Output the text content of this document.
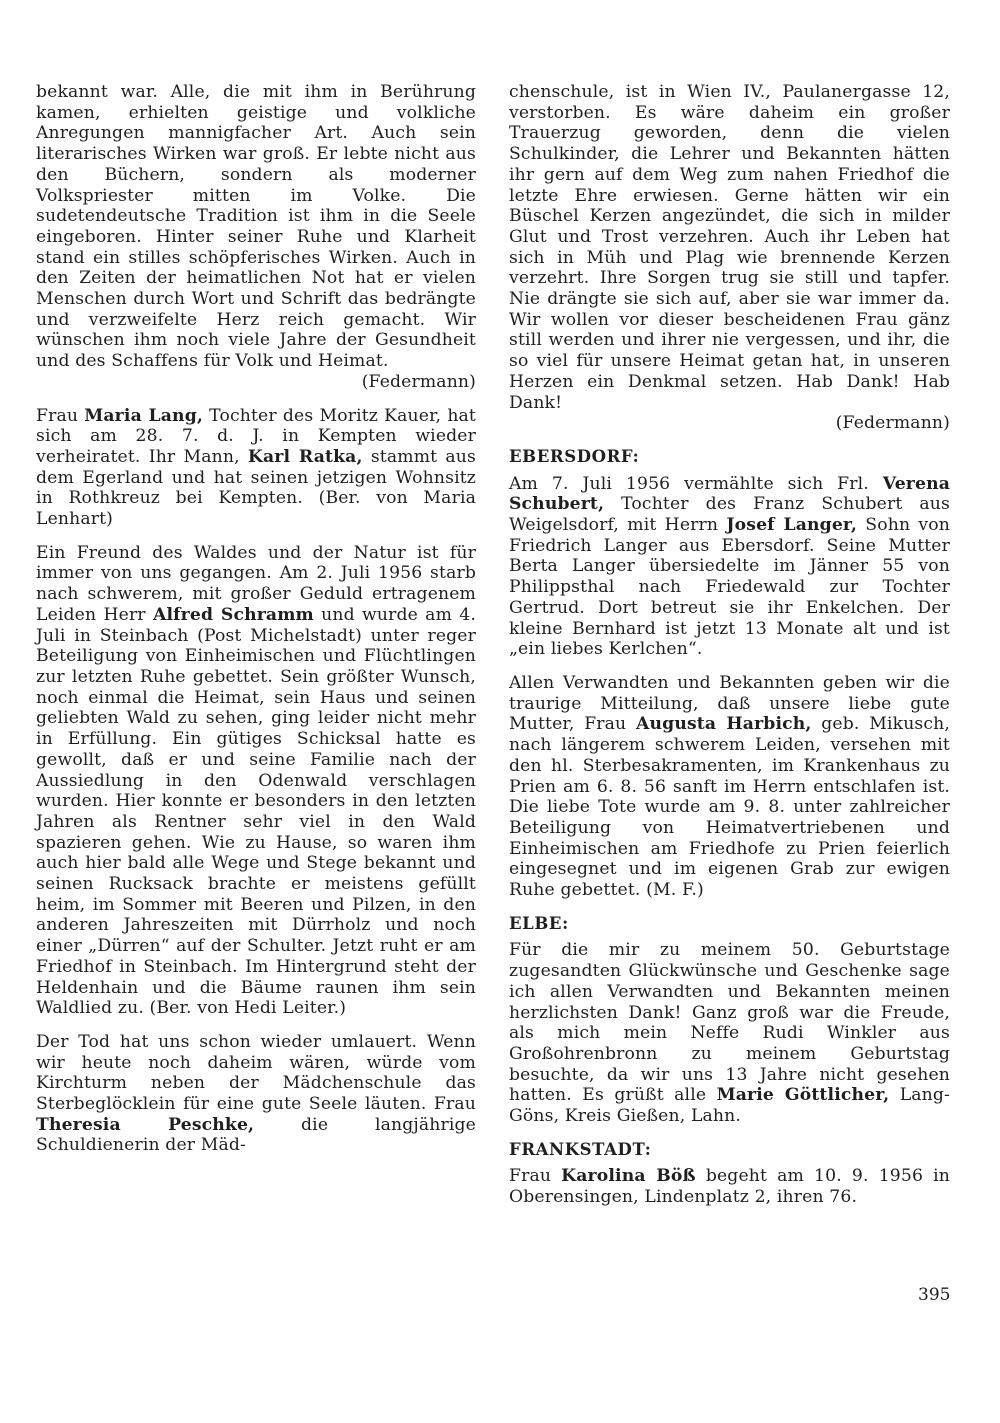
bekannt war. Alle, die mit ihm in Berührung kamen, erhielten geistige und volkliche Anregungen mannigfacher Art. Auch sein literarisches Wirken war groß. Er lebte nicht aus den Büchern, sondern als moderner Volkspriester mitten im Volke. Die sudetendeutsche Tradition ist ihm in die Seele eingeboren. Hinter seiner Ruhe und Klarheit stand ein stilles schöpferisches Wirken. Auch in den Zeiten der heimatlichen Not hat er vielen Menschen durch Wort und Schrift das bedrängte und verzweifelte Herz reich gemacht. Wir wünschen ihm noch viele Jahre der Gesundheit und des Schaffens für Volk und Heimat.
(Federmann)

Frau Maria Lang, Tochter des Moritz Kauer, hat sich am 28. 7. d. J. in Kempten wieder verheiratet. Ihr Mann, Karl Ratka, stammt aus dem Egerland und hat seinen jetzigen Wohnsitz in Rothkreuz bei Kempten. (Ber. von Maria Lenhart)

Ein Freund des Waldes und der Natur ist für immer von uns gegangen. Am 2. Juli 1956 starb nach schwerem, mit großer Geduld ertragenem Leiden Herr Alfred Schramm und wurde am 4. Juli in Steinbach (Post Michelstadt) unter reger Beteiligung von Einheimischen und Flüchtlingen zur letzten Ruhe gebettet. Sein größter Wunsch, noch einmal die Heimat, sein Haus und seinen geliebten Wald zu sehen, ging leider nicht mehr in Erfüllung. Ein gütiges Schicksal hatte es gewollt, daß er und seine Familie nach der Aussiedlung in den Odenwald verschlagen wurden. Hier konnte er besonders in den letzten Jahren als Rentner sehr viel in den Wald spazieren gehen. Wie zu Hause, so waren ihm auch hier bald alle Wege und Stege bekannt und seinen Rucksack brachte er meistens gefüllt heim, im Sommer mit Beeren und Pilzen, in den anderen Jahreszeiten mit Dürrholz und noch einer „Dürren“ auf der Schulter. Jetzt ruht er am Friedhof in Steinbach. Im Hintergrund steht der Heldenhain und die Bäume raunen ihm sein Waldlied zu. (Ber. von Hedi Leiter.)

Der Tod hat uns schon wieder umlauert. Wenn wir heute noch daheim wären, würde vom Kirchturm neben der Mädchenschule das Sterbeglöcklein für eine gute Seele läuten. Frau Theresia Peschke, die langjährige Schuldienerin der Mäd-

chenschule, ist in Wien IV., Paulanergasse 12, verstorben. Es wäre daheim ein großer Trauerzug geworden, denn die vielen Schulkinder, die Lehrer und Bekannten hätten ihr gern auf dem Weg zum nahen Friedhof die letzte Ehre erwiesen. Gerne hätten wir ein Büschel Kerzen angezündet, die sich in milder Glut und Trost verzehren. Auch ihr Leben hat sich in Müh und Plag wie brennende Kerzen verzehrt. Ihre Sorgen trug sie still und tapfer. Nie drängte sie sich auf, aber sie war immer da. Wir wollen vor dieser bescheidenen Frau gänz still werden und ihrer nie vergessen, und ihr, die so viel für unsere Heimat getan hat, in unseren Herzen ein Denkmal setzen. Hab Dank! Hab Dank!
(Federmann)

EBERSDORF:

Am 7. Juli 1956 vermählte sich Frl. Verena Schubert, Tochter des Franz Schubert aus Weigelsdorf, mit Herrn Josef Langer, Sohn von Friedrich Langer aus Ebersdorf. Seine Mutter Berta Langer übersiedelte im Jänner 55 von Philippsthal nach Friedewald zur Tochter Gertrud. Dort betreut sie ihr Enkelchen. Der kleine Bernhard ist jetzt 13 Monate alt und ist „ein liebes Kerlchen“.

Allen Verwandten und Bekannten geben wir die traurige Mitteilung, daß unsere liebe gute Mutter, Frau Augusta Harbich, geb. Mikusch, nach längerem schwerem Leiden, versehen mit den hl. Sterbesakramenten, im Krankenhaus zu Prien am 6. 8. 56 sanft im Herrn entschlafen ist. Die liebe Tote wurde am 9. 8. unter zahlreicher Beteiligung von Heimatvertriebenen und Einheimischen am Friedhofe zu Prien feierlich eingesegnet und im eigenen Grab zur ewigen Ruhe gebettet. (M. F.)

ELBE:

Für die mir zu meinem 50. Geburtstage zugesandten Glückwünsche und Geschenke sage ich allen Verwandten und Bekannten meinen herzlichsten Dank! Ganz groß war die Freude, als mich mein Neffe Rudi Winkler aus Großohrenbronn zu meinem Geburtstag besuchte, da wir uns 13 Jahre nicht gesehen hatten. Es grüßt alle Marie Göttlicher, Lang-Göns, Kreis Gießen, Lahn.

FRANKSTADT:

Frau Karolina Böß begeht am 10. 9. 1956 in Oberensingen, Lindenplatz 2, ihren 76.

395
